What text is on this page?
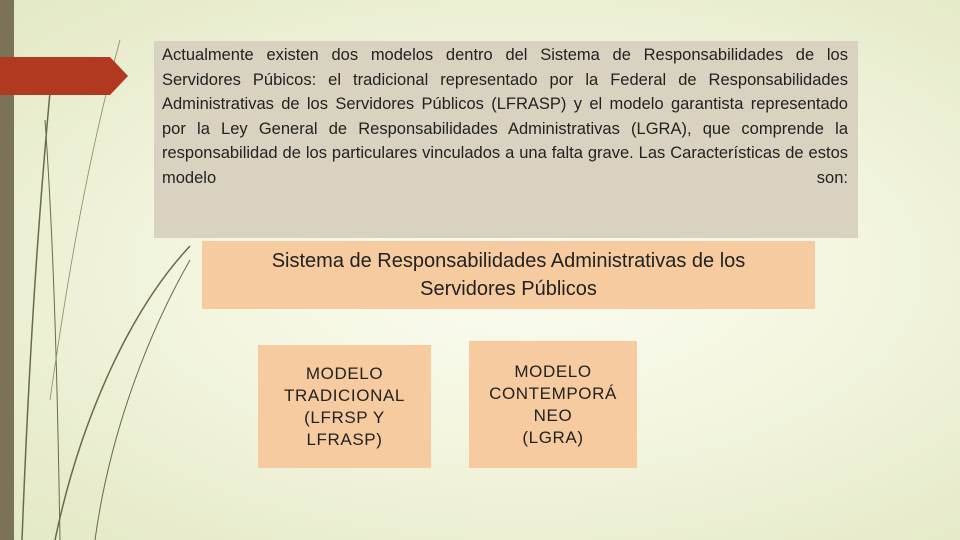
Actualmente existen dos modelos dentro del Sistema de Responsabilidades de los Servidores Púbicos: el tradicional representado por la Federal de Responsabilidades Administrativas de los Servidores Públicos (LFRASP) y el modelo garantista representado por la Ley General de Responsabilidades Administrativas (LGRA), que comprende la responsabilidad de los particulares vinculados a una falta grave. Las Características de estos modelo son:

Sistema de Responsabilidades Administrativas de los
Servidores Públicos

MODELO
TRADICIONAL
(LFRSP Y
LFRASP)
MODELO
CONTEMPORÁ
NEO
(LGRA)
